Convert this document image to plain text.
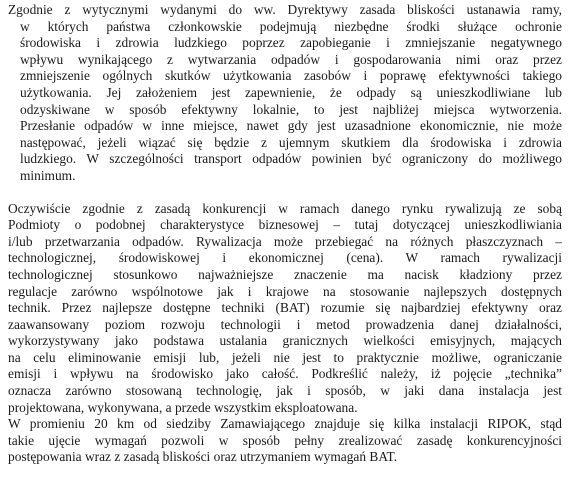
Zgodnie z wytycznymi wydanymi do ww. Dyrektywy zasada bliskości ustanawia ramy,
w których państwa członkowskie podejmują niezbędne środki służące ochronie
środowiska i zdrowia ludzkiego poprzez zapobieganie i zmniejszanie negatywnego
wpływu wynikającego z wytwarzania odpadów i gospodarowania nimi oraz przez
zmniejszenie ogólnych skutków użytkowania zasobów i poprawę efektywności takiego
użytkowania. Jej założeniem jest zapewnienie, że odpady są unieszkodliwiane lub
odzyskiwane w sposób efektywny lokalnie, to jest najbliżej miejsca wytworzenia.
Przesłanie odpadów w inne miejsce, nawet gdy jest uzasadnione ekonomicznie, nie może
następować, jeżeli wiązać się będzie z ujemnym skutkiem dla środowiska i zdrowia
ludzkiego. W szczególności transport odpadów powinien być ograniczony do możliwego
minimum.
Oczywiście zgodnie z zasadą konkurencji w ramach danego rynku rywalizują ze sobą
Podmioty o podobnej charakterystyce biznesowej – tutaj dotyczącej unieszkodliwiania
i/lub przetwarzania odpadów. Rywalizacja może przebiegać na różnych płaszczyznach –
technologicznej, środowiskowej i ekonomicznej (cena). W ramach rywalizacji
technologicznej stosunkowo najważniejsze znaczenie ma nacisk kładziony przez
regulacje zarówno wspólnotowe jak i krajowe na stosowanie najlepszych dostępnych
technik. Przez najlepsze dostępne techniki (BAT) rozumie się najbardziej efektywny oraz
zaawansowany poziom rozwoju technologii i metod prowadzenia danej działalności,
wykorzystywany jako podstawa ustalania granicznych wielkości emisyjnych, mających
na celu eliminowanie emisji lub, jeżeli nie jest to praktycznie możliwe, ograniczanie
emisji i wpływu na środowisko jako całość. Podkreślić należy, iż pojęcie „technika”
oznacza zarówno stosowaną technologię, jak i sposób, w jaki dana instalacja jest
projektowana, wykonywana, a przede wszystkim eksploatowana.
W promieniu 20 km od siedziby Zamawiającego znajduje się kilka instalacji RIPOK, stąd
takie ujęcie wymagań pozwoli w sposób pełny zrealizować zasadę konkurencyjności
postępowania wraz z zasadą bliskości oraz utrzymaniem wymagań BAT.
